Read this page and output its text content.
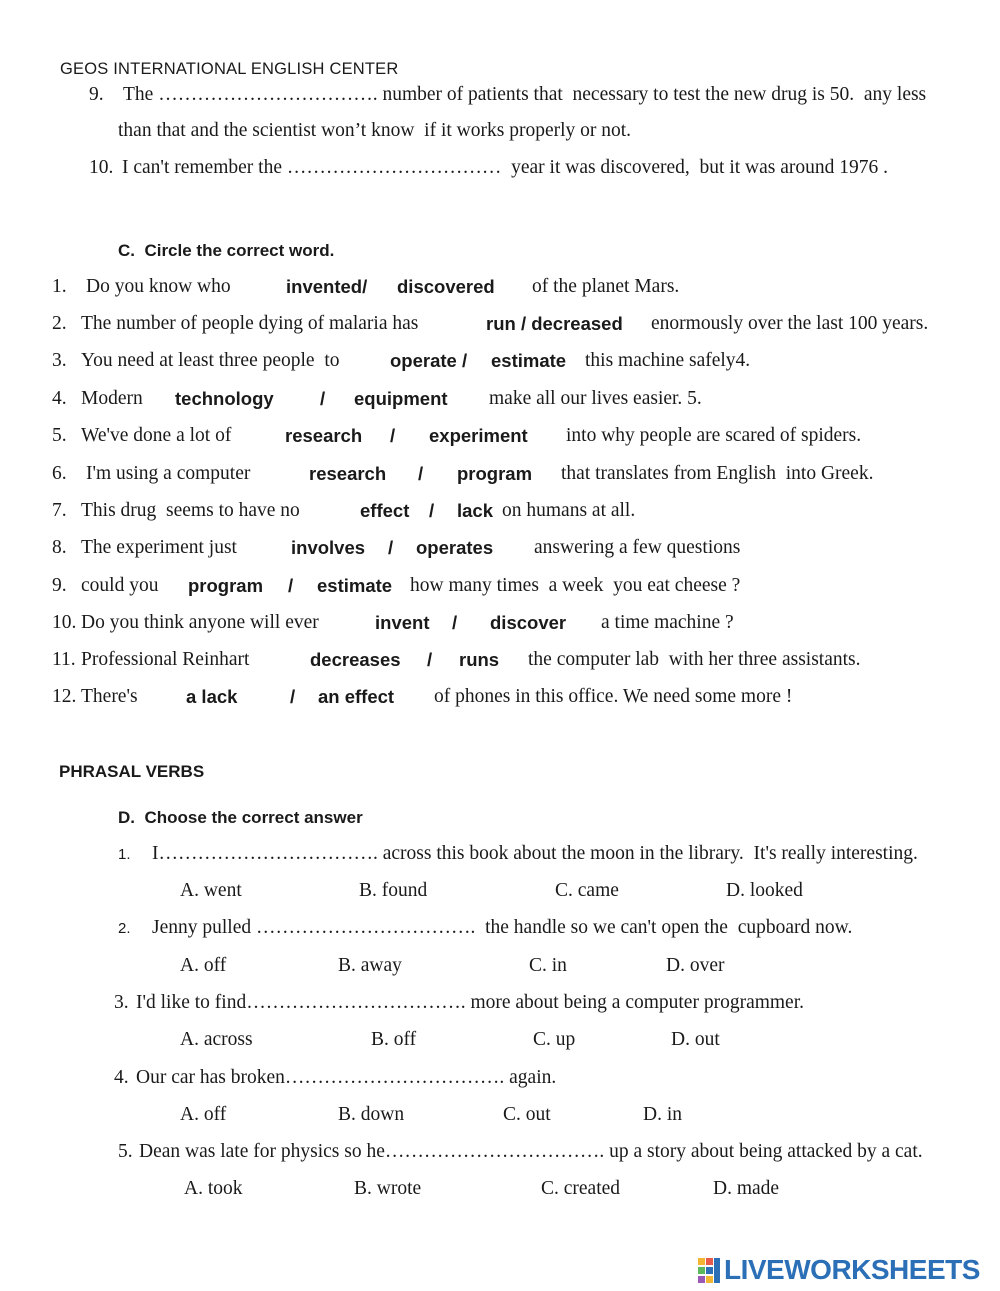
GEOS INTERNATIONAL ENGLISH CENTER
9. The ……………………………. number of patients that  necessary to test the new drug is 50.  any less
than that and the scientist won’t know  if it works properly or not.
10. I can't remember the ……………………………  year it was discovered,  but it was around 1976 .
C.  Circle the correct word.
1. Do you know who	invented/ discovered of the planet Mars.
2. The number of people dying of malaria has	run / decreased enormously over the last 100 years.
3. You need at least three people  to	operate / estimate this machine safely4.
4. Modern technology	/ equipment make all our lives easier. 5.
5. We've done a lot of	research / experiment into why people are scared of spiders.
6. I'm using a computer	research / program that translates from English  into Greek.
7. This drug  seems to have no	effect / lack on humans at all.
8. The experiment just	involves / operates answering a few questions
9. could you program / estimate how many times  a week  you eat cheese ?
10. Do you think anyone will ever	invent / discover a time machine ?
11. Professional Reinhart	decreases / runs the computer lab  with her three assistants.
12. There's	a lack	/ an effect of phones in this office. We need some more !
PHRASAL VERBS
D.  Choose the correct answer
1. I……………………………. across this book about the moon in the library.  It's really interesting.
A. went	B. found	C. came	D. looked
2. Jenny pulled …………………………….  the handle so we can't open the  cupboard now.
A. off	B. away	C. in	D. over
3. I'd like to find……………………………. more about being a computer programmer.
A. across	B. off	C. up	D. out
4. Our car has broken……………………………. again.
A. off	B. down	C. out	D. in
5. Dean was late for physics so he……………………………. up a story about being attacked by a cat.
A. took	B. wrote	C. created	D. made
LIVEWORKSHEETS
